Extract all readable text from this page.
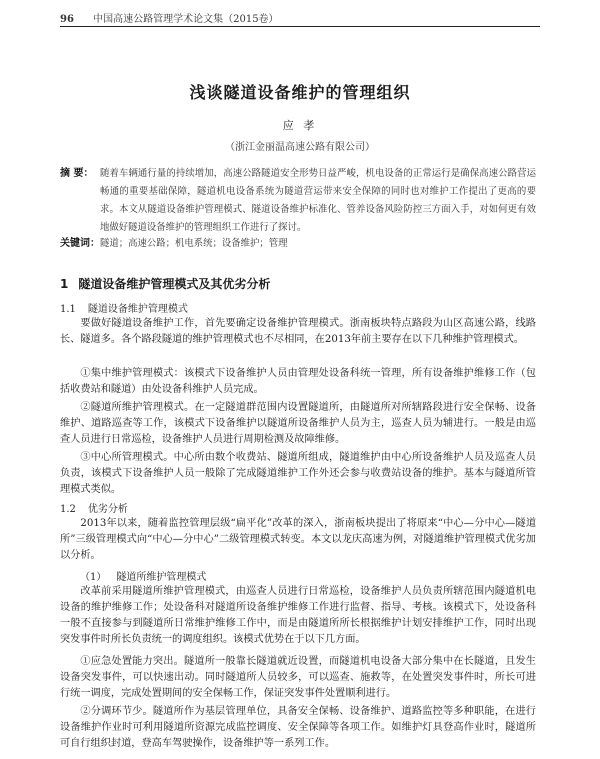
96 中国高速公路管理学术论文集（2015卷）
浅谈隧道设备维护的管理组织
应 孝
（浙江金丽温高速公路有限公司）
摘 要： 随着车辆通行量的持续增加，高速公路隧道安全形势日益严峻，机电设备的正常运行是确保高速公路营运畅通的重要基础保障，隧道机电设备系统为隧道营运带来安全保障的同时也对维护工作提出了更高的要求。本文从隧道设备维护管理模式、隧道设备维护标准化、管养设备风险防控三方面入手，对如何更有效地做好隧道设备维护的管理组织工作进行了探讨。
关键词：隧道；高速公路；机电系统；设备维护；管理
1 隧道设备维护管理模式及其优劣分析
1.1 隧道设备维护管理模式
要做好隧道设备维护工作，首先要确定设备维护管理模式。浙南板块特点路段为山区高速公路，线路长、隧道多。各个路段隧道的维护管理模式也不尽相同，在2013年前主要存在以下几种维护管理模式。
①集中维护管理模式：该模式下设备维护人员由管理处设备科统一管理，所有设备维护维修工作（包括收费站和隧道）由处设备科维护人员完成。
②隧道所维护管理模式。在一定隧道群范围内设置隧道所，由隧道所对所辖路段进行安全保畅、设备维护、道路巡查等工作，该模式下设备维护以隧道所设备维护人员为主，巡查人员为辅进行。一般是由巡查人员进行日常巡检，设备维护人员进行周期检测及故障维修。
③中心所管理模式。中心所由数个收费站、隧道所组成，隧道维护由中心所设备维护人员及巡查人员负责，该模式下设备维护人员一般除了完成隧道维护工作外还会参与收费站设备的维护。基本与隧道所管理模式类似。
1.2 优劣分析
2013年以来，随着监控管理层级“扁平化”改革的深入，浙南板块提出了将原来“中心—分中心—隧道所”三级管理模式向“中心—分中心”二级管理模式转变。本文以龙庆高速为例，对隧道维护管理模式优劣加以分析。
（1） 隧道所维护管理模式
改革前采用隧道所维护管理模式，由巡查人员进行日常巡检，设备维护人员负责所辖范围内隧道机电设备的维护维修工作；处设备科对隧道所设备维护维修工作进行监督、指导、考核。该模式下，处设备科一般不直接参与到隧道所日常维护维修工作中，而是由隧道所所长根据维护计划安排维护工作，同时出现突发事件时所长负责统一的调度组织。该模式优势在于以下几方面。
①应急处置能力突出。隧道所一般靠长隧道就近设置，而隧道机电设备大部分集中在长隧道，且发生设备突发事件，可以快速出动。同时隧道所人员较多，可以巡查、施救等，在处置突发事件时，所长可进行统一调度，完成处置期间的安全保畅工作，保证突发事件处置顺利进行。
②分调环节少。隧道所作为基层管理单位，具备安全保畅、设备维护、道路监控等多种职能，在进行设备维护作业时可利用隧道所资源完成监控调度、安全保障等各项工作。如维护灯具登高作业时，隧道所可自行组织封道，登高车驾驶操作，设备维护等一系列工作。
